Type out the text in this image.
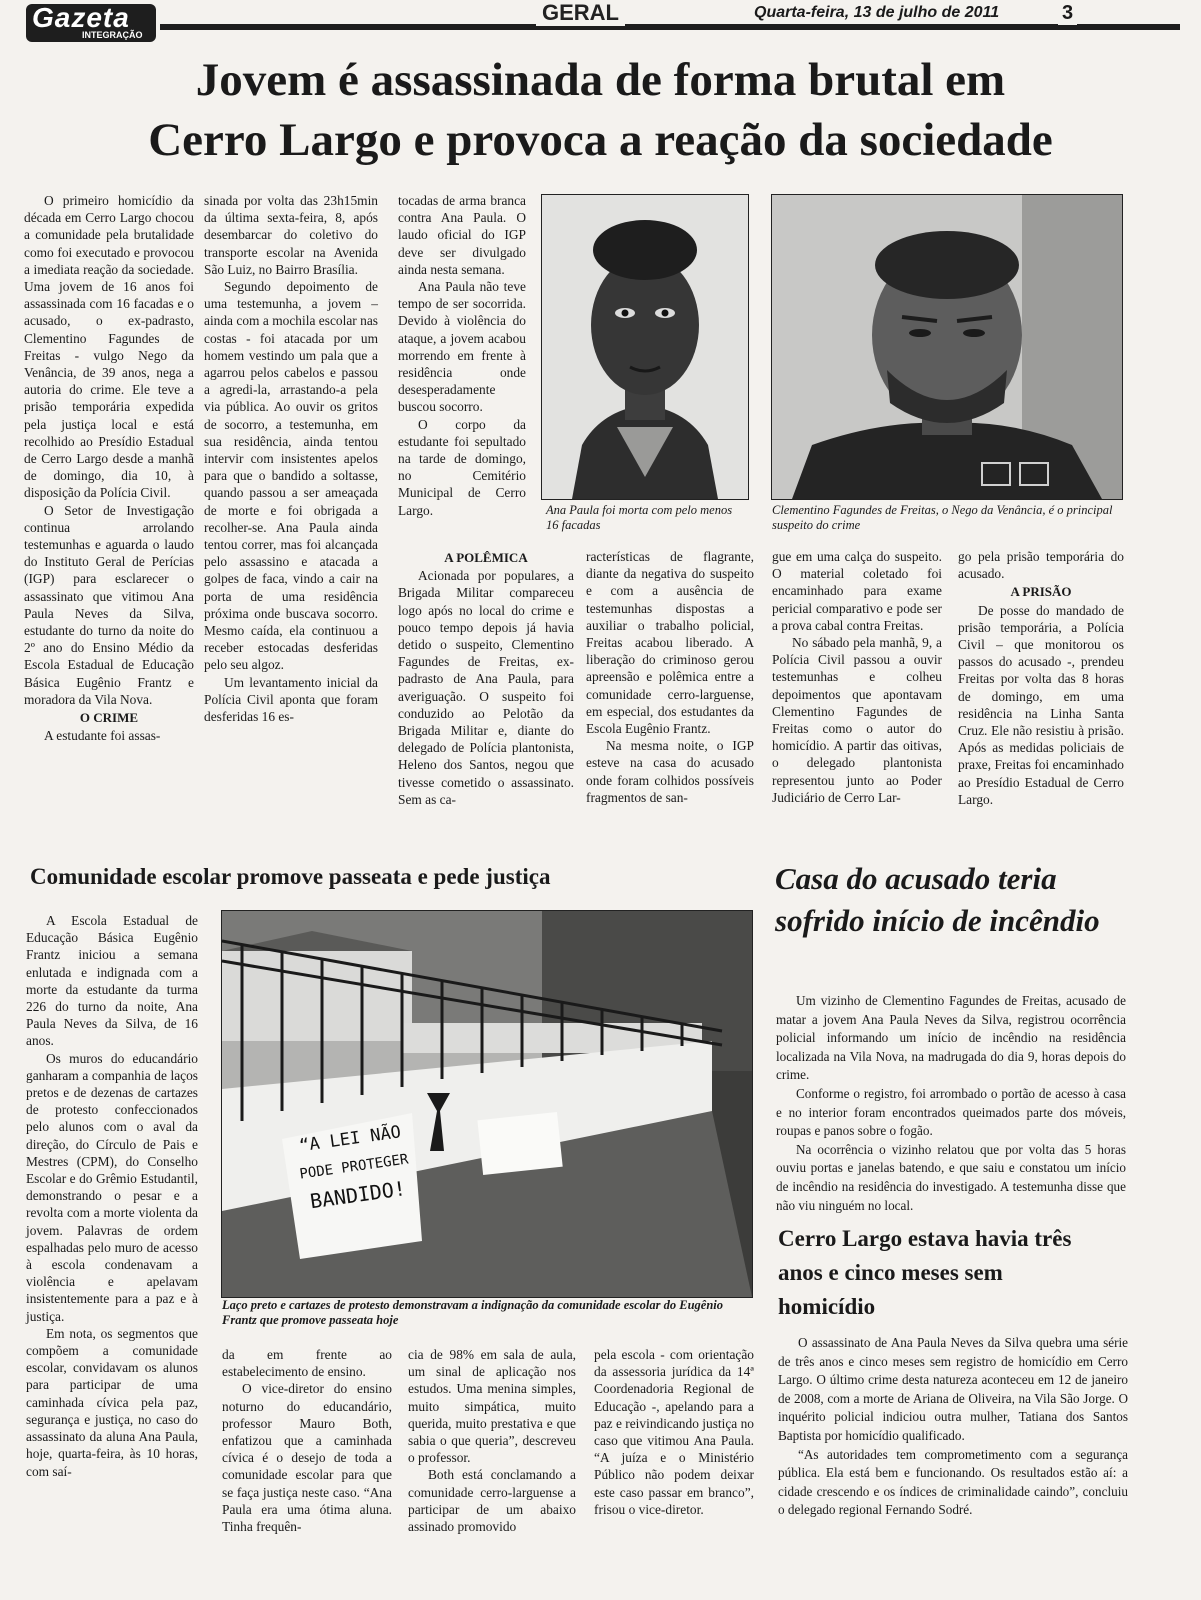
Gazeta
INTEGRAÇÃO
GERAL	Quarta-feira, 13 de julho de 2011	3
Jovem é assassinada de forma brutal em
Cerro Largo e provoca a reação da sociedade

O primeiro homicídio da década em Cerro Largo chocou a comunidade pela brutalidade como foi executado e provocou a imediata reação da sociedade. Uma jovem de 16 anos foi assassinada com 16 facadas e o acusado, o ex-padrasto, Clementino Fagundes de Freitas - vulgo Nego da Venância, de 39 anos, nega a autoria do crime. Ele teve a prisão temporária expedida pela justiça local e está recolhido ao Presídio Estadual de Cerro Largo desde a manhã de domingo, dia 10, à disposição da Polícia Civil.

O Setor de Investigação continua arrolando testemunhas e aguarda o laudo do Instituto Geral de Perícias (IGP) para esclarecer o assassinato que vitimou Ana Paula Neves da Silva, estudante do turno da noite do 2º ano do Ensino Médio da Escola Estadual de Educação Básica Eugênio Frantz e moradora da Vila Nova.

O CRIME

A estudante foi assas-

sinada por volta das 23h15min da última sexta-feira, 8, após desembarcar do coletivo do transporte escolar na Avenida São Luiz, no Bairro Brasília.

Segundo depoimento de uma testemunha, a jovem – ainda com a mochila escolar nas costas - foi atacada por um homem vestindo um pala que a agarrou pelos cabelos e passou a agredi-la, arrastando-a pela via pública. Ao ouvir os gritos de socorro, a testemunha, em sua residência, ainda tentou intervir com insistentes apelos para que o bandido a soltasse, quando passou a ser ameaçada de morte e foi obrigada a recolher-se. Ana Paula ainda tentou correr, mas foi alcançada pelo assassino e atacada a golpes de faca, vindo a cair na porta de uma residência próxima onde buscava socorro. Mesmo caída, ela continuou a receber estocadas desferidas pelo seu algoz.

Um levantamento inicial da Polícia Civil aponta que foram desferidas 16 es-

tocadas de arma branca contra Ana Paula. O laudo oficial do IGP deve ser divulgado ainda nesta semana.

Ana Paula não teve tempo de ser socorrida. Devido à violência do ataque, a jovem acabou morrendo em frente à residência onde desesperadamente buscou socorro.

O corpo da estudante foi sepultado na tarde de domingo, no Cemitério Municipal de Cerro Largo.

A POLÊMICA

Acionada por populares, a Brigada Militar compareceu logo após no local do crime e pouco tempo depois já havia detido o suspeito, Clementino Fagundes de Freitas, ex-padrasto de Ana Paula, para averiguação. O suspeito foi conduzido ao Pelotão da Brigada Militar e, diante do delegado de Polícia plantonista, Heleno dos Santos, negou que tivesse cometido o assassinato. Sem as ca-

Ana Paula foi morta com pelo menos 16 facadas
Clementino Fagundes de Freitas, o Nego da Venância, é o principal suspeito do crime

racterísticas de flagrante, diante da negativa do suspeito e com a ausência de testemunhas dispostas a auxiliar o trabalho policial, Freitas acabou liberado. A liberação do criminoso gerou apreensão e polêmica entre a comunidade cerro-larguense, em especial, dos estudantes da Escola Eugênio Frantz.

Na mesma noite, o IGP esteve na casa do acusado onde foram colhidos possíveis fragmentos de san-

gue em uma calça do suspeito. O material coletado foi encaminhado para exame pericial comparativo e pode ser a prova cabal contra Freitas.

No sábado pela manhã, 9, a Polícia Civil passou a ouvir testemunhas e colheu depoimentos que apontavam Clementino Fagundes de Freitas como o autor do homicídio. A partir das oitivas, o delegado plantonista representou junto ao Poder Judiciário de Cerro Lar-

go pela prisão temporária do acusado.

A PRISÃO

De posse do mandado de prisão temporária, a Polícia Civil – que monitorou os passos do acusado -, prendeu Freitas por volta das 8 horas de domingo, em uma residência na Linha Santa Cruz. Ele não resistiu à prisão. Após as medidas policiais de praxe, Freitas foi encaminhado ao Presídio Estadual de Cerro Largo.

Comunidade escolar promove passeata e pede justiça

A Escola Estadual de Educação Básica Eugênio Frantz iniciou a semana enlutada e indignada com a morte da estudante da turma 226 do turno da noite, Ana Paula Neves da Silva, de 16 anos.

Os muros do educandário ganharam a companhia de laços pretos e de dezenas de cartazes de protesto confeccionados pelo alunos com o aval da direção, do Círculo de Pais e Mestres (CPM), do Conselho Escolar e do Grêmio Estudantil, demonstrando o pesar e a revolta com a morte violenta da jovem. Palavras de ordem espalhadas pelo muro de acesso à escola condenavam a violência e apelavam insistentemente para a paz e à justiça.

Em nota, os segmentos que compõem a comunidade escolar, convidavam os alunos para participar de uma caminhada cívica pela paz, segurança e justiça, no caso do assassinato da aluna Ana Paula, hoje, quarta-feira, às 10 horas, com saí-

“A LEI NÃO
PODE PROTEGER
BANDIDO!
Laço preto e cartazes de protesto demonstravam a indignação da comunidade escolar do Eugênio Frantz que promove passeata hoje

da em frente ao estabelecimento de ensino.

O vice-diretor do ensino noturno do educandário, professor Mauro Both, enfatizou que a caminhada cívica é o desejo de toda a comunidade escolar para que se faça justiça neste caso. “Ana Paula era uma ótima aluna. Tinha frequên-

cia de 98% em sala de aula, um sinal de aplicação nos estudos. Uma menina simples, muito simpática, muito querida, muito prestativa e que sabia o que queria”, descreveu o professor.

Both está conclamando a comunidade cerro-larguense a participar de um abaixo assinado promovido

pela escola - com orientação da assessoria jurídica da 14ª Coordenadoria Regional de Educação -, apelando para a paz e reivindicando justiça no caso que vitimou Ana Paula. “A juíza e o Ministério Público não podem deixar este caso passar em branco”, frisou o vice-diretor.

Casa do acusado teria sofrido início de incêndio

Um vizinho de Clementino Fagundes de Freitas, acusado de matar a jovem Ana Paula Neves da Silva, registrou ocorrência policial informando um início de incêndio na residência localizada na Vila Nova, na madrugada do dia 9, horas depois do crime.

Conforme o registro, foi arrombado o portão de acesso à casa e no interior foram encontrados queimados parte dos móveis, roupas e panos sobre o fogão.

Na ocorrência o vizinho relatou que por volta das 5 horas ouviu portas e janelas batendo, e que saiu e constatou um início de incêndio na residência do investigado. A testemunha disse que não viu ninguém no local.

Cerro Largo estava havia três anos e cinco meses sem homicídio

O assassinato de Ana Paula Neves da Silva quebra uma série de três anos e cinco meses sem registro de homicídio em Cerro Largo. O último crime desta natureza aconteceu em 12 de janeiro de 2008, com a morte de Ariana de Oliveira, na Vila São Jorge. O inquérito policial indiciou outra mulher, Tatiana dos Santos Baptista por homicídio qualificado.

“As autoridades tem comprometimento com a segurança pública. Ela está bem e funcionando. Os resultados estão aí: a cidade crescendo e os índices de criminalidade caindo”, concluiu o delegado regional Fernando Sodré.
